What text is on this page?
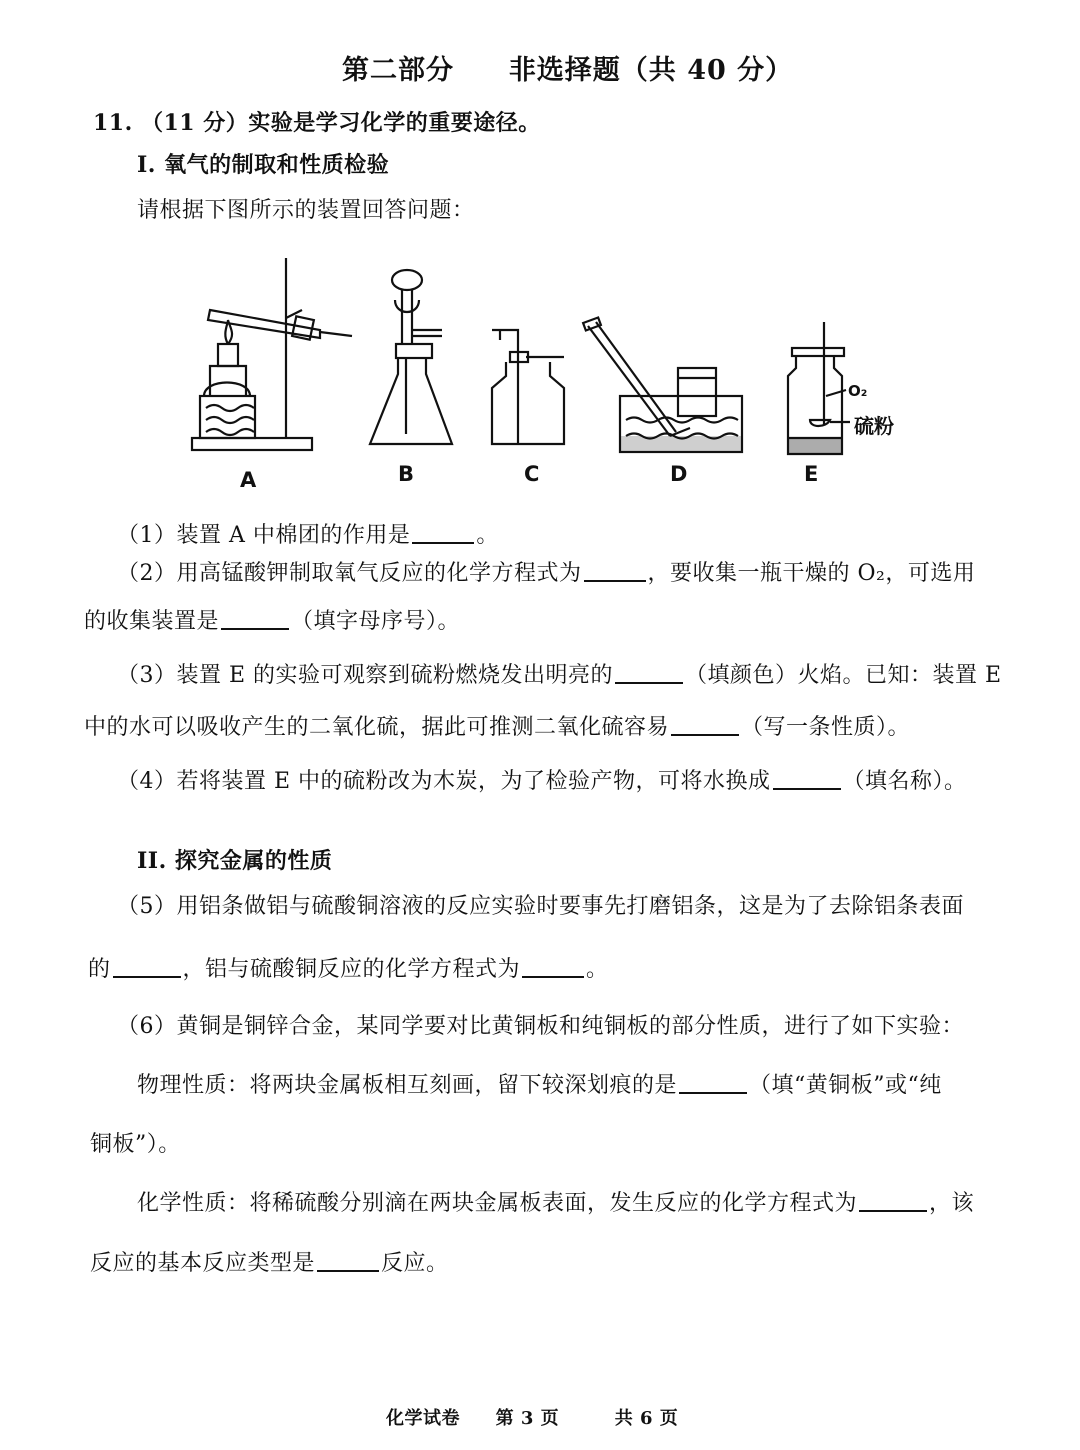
第二部分 非选择题（共 40 分）
11. （11 分）实验是学习化学的重要途径。
I. 氧气的制取和性质检验
请根据下图所示的装置回答问题：
A	B	C	D	E
O₂
硫粉
（1）装置 A 中棉团的作用是	。
（2）用高锰酸钾制取氧气反应的化学方程式为	，要收集一瓶干燥的 O₂，可选用
的收集装置是	（填字母序号）。
（3）装置 E 的实验可观察到硫粉燃烧发出明亮的	（填颜色）火焰。已知：装置 E
中的水可以吸收产生的二氧化硫，据此可推测二氧化硫容易	（写一条性质）。
（4）若将装置 E 中的硫粉改为木炭，为了检验产物，可将水换成	（填名称）。
II. 探究金属的性质
（5）用铝条做铝与硫酸铜溶液的反应实验时要事先打磨铝条，这是为了去除铝条表面
的	，铝与硫酸铜反应的化学方程式为	。
（6）黄铜是铜锌合金，某同学要对比黄铜板和纯铜板的部分性质，进行了如下实验：
物理性质：将两块金属板相互刻画，留下较深划痕的是	（填“黄铜板”或“纯
铜板”）。
化学性质：将稀硫酸分别滴在两块金属板表面，发生反应的化学方程式为	，该
反应的基本反应类型是	反应。
化学试卷 第 3 页	共 6 页
